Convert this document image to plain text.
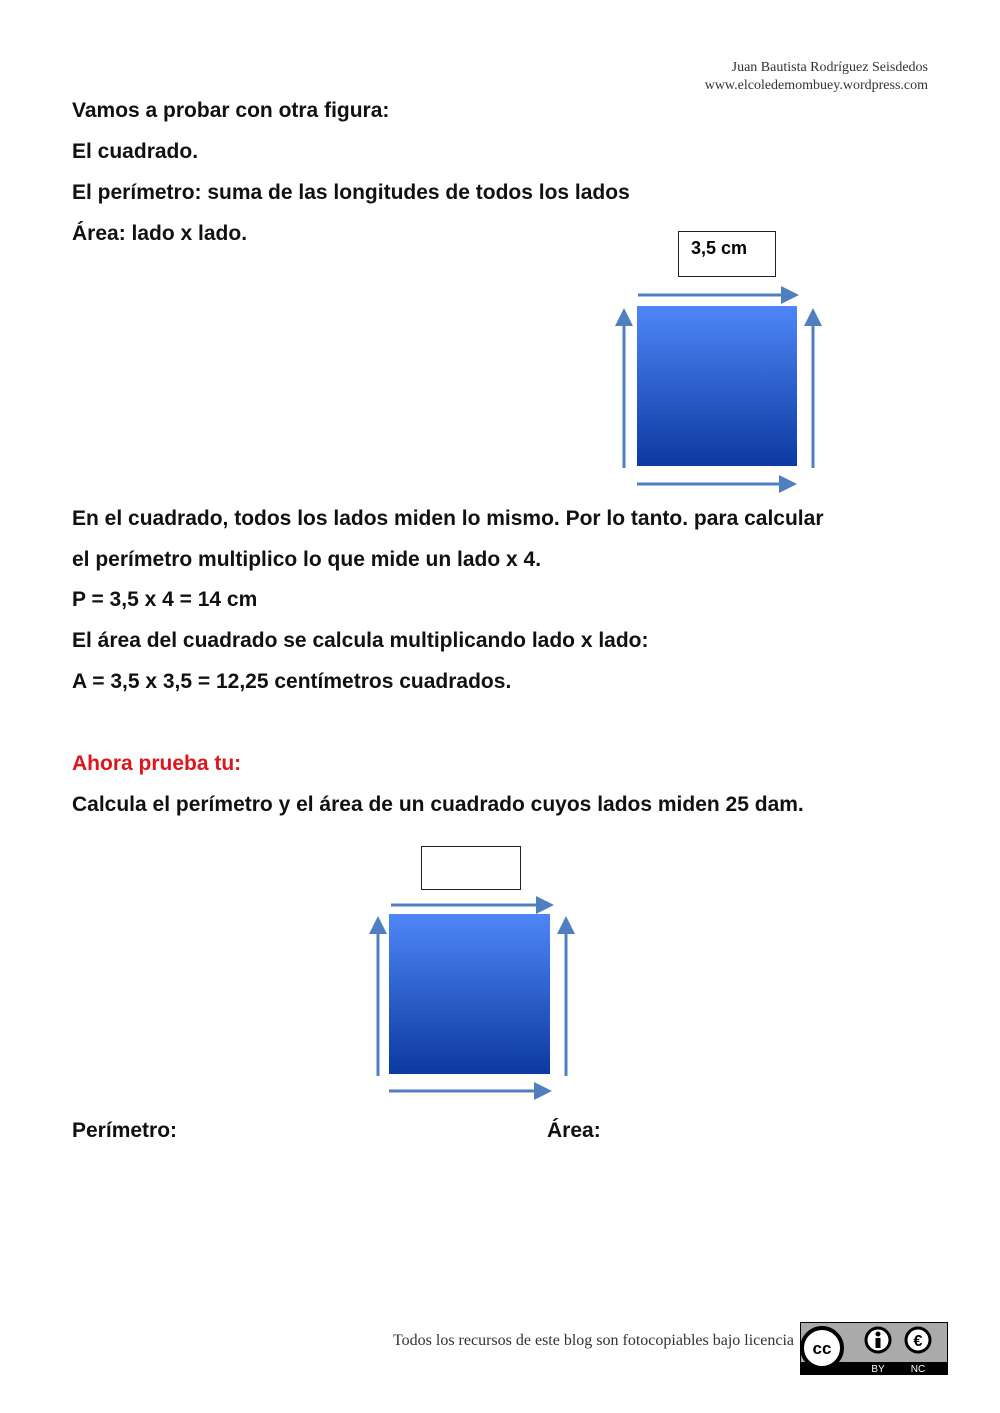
Juan Bautista Rodríguez Seisdedos
www.elcoledemombuey.wordpress.com
Vamos a probar con otra figura:
El cuadrado.
El perímetro: suma de las longitudes de todos los lados
Área: lado x lado.
3,5 cm
En el cuadrado, todos los lados miden lo mismo. Por lo tanto. para calcular
el perímetro multiplico lo que mide un lado x 4.
P = 3,5 x 4 = 14 cm
El área del cuadrado se calcula multiplicando lado x lado:
A = 3,5 x 3,5 = 12,25 centímetros cuadrados.
Ahora prueba tu:
Calcula el perímetro y el área de un cuadrado cuyos lados miden 25 dam.
Perímetro:	Área:
Todos los recursos de este blog son fotocopiables bajo licencia cc	€
BY	NC
